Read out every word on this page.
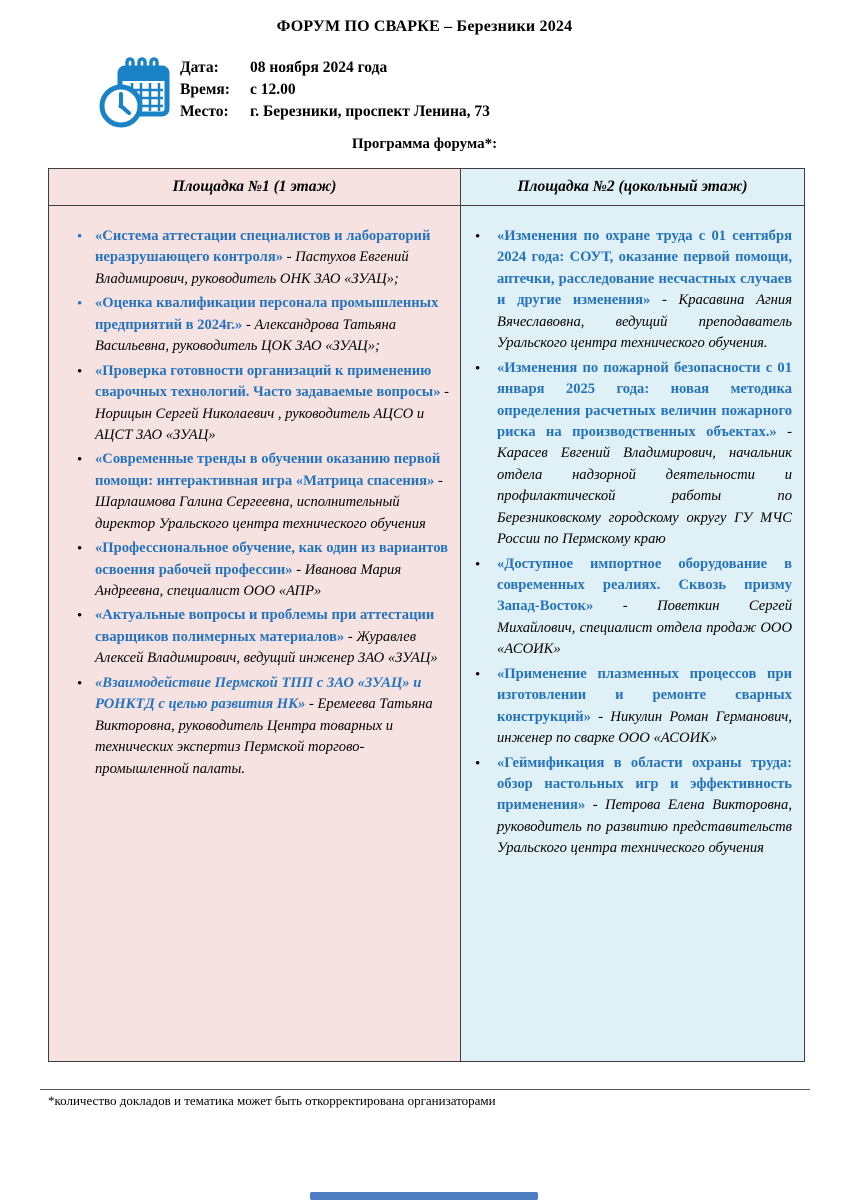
ФОРУМ ПО СВАРКЕ – Березники 2024
Дата:	08 ноября 2024 года
Время:	с 12.00
Место:	г. Березники, проспект Ленина, 73
Программа форума*:
Площадка №1 (1 этаж)
• «Система аттестации специалистов и лабораторий неразрушающего контроля» - Пастухов Евгений Владимирович, руководитель ОНК ЗАО «ЗУАЦ»;
• «Оценка квалификации персонала промышленных предприятий в 2024г.» - Александрова Татьяна Васильевна, руководитель ЦОК ЗАО «ЗУАЦ»;
• «Проверка готовности организаций к применению сварочных технологий. Часто задаваемые вопросы» - Норицын Сергей Николаевич , руководитель АЦСО и АЦСТ ЗАО «ЗУАЦ»
• «Современные тренды в обучении оказанию первой помощи: интерактивная игра «Матрица спасения» - Шарлаимова Галина Сергеевна, исполнительный директор Уральского центра технического обучения
• «Профессиональное обучение, как один из вариантов освоения рабочей профессии» - Иванова Мария Андреевна, специалист ООО «АПР»
• «Актуальные вопросы и проблемы при аттестации сварщиков полимерных материалов» - Журавлев Алексей Владимирович, ведущий инженер ЗАО «ЗУАЦ»
• «Взаимодействие Пермской ТПП с ЗАО «ЗУАЦ» и РОНКТД с целью развития НК» - Еремеева Татьяна Викторовна, руководитель Центра товарных и технических экспертиз Пермской торгово-промышленной палаты.
Площадка №2 (цокольный этаж)
• «Изменения по охране труда с 01 сентября 2024 года: СОУТ, оказание первой помощи, аптечки, расследование несчастных случаев и другие изменения» - Красавина Агния Вячеславовна, ведущий преподаватель Уральского центра технического обучения.
• «Изменения по пожарной безопасности с 01 января 2025 года: новая методика определения расчетных величин пожарного риска на производственных объектах.» - Карасев Евгений Владимирович, начальник отдела надзорной деятельности и профилактической работы по Березниковскому городскому округу ГУ МЧС России по Пермскому краю
• «Доступное импортное оборудование в современных реалиях. Сквозь призму Запад-Восток» - Поветкин Сергей Михайлович, специалист отдела продаж ООО «АСОИК»
• «Применение плазменных процессов при изготовлении и ремонте сварных конструкций» - Никулин Роман Германович, инженер по сварке ООО «АСОИК»
• «Геймификация в области охраны труда: обзор настольных игр и эффективность применения» - Петрова Елена Викторовна, руководитель по развитию представительств Уральского центра технического обучения
*количество докладов и тематика может быть откорректирована организаторами
